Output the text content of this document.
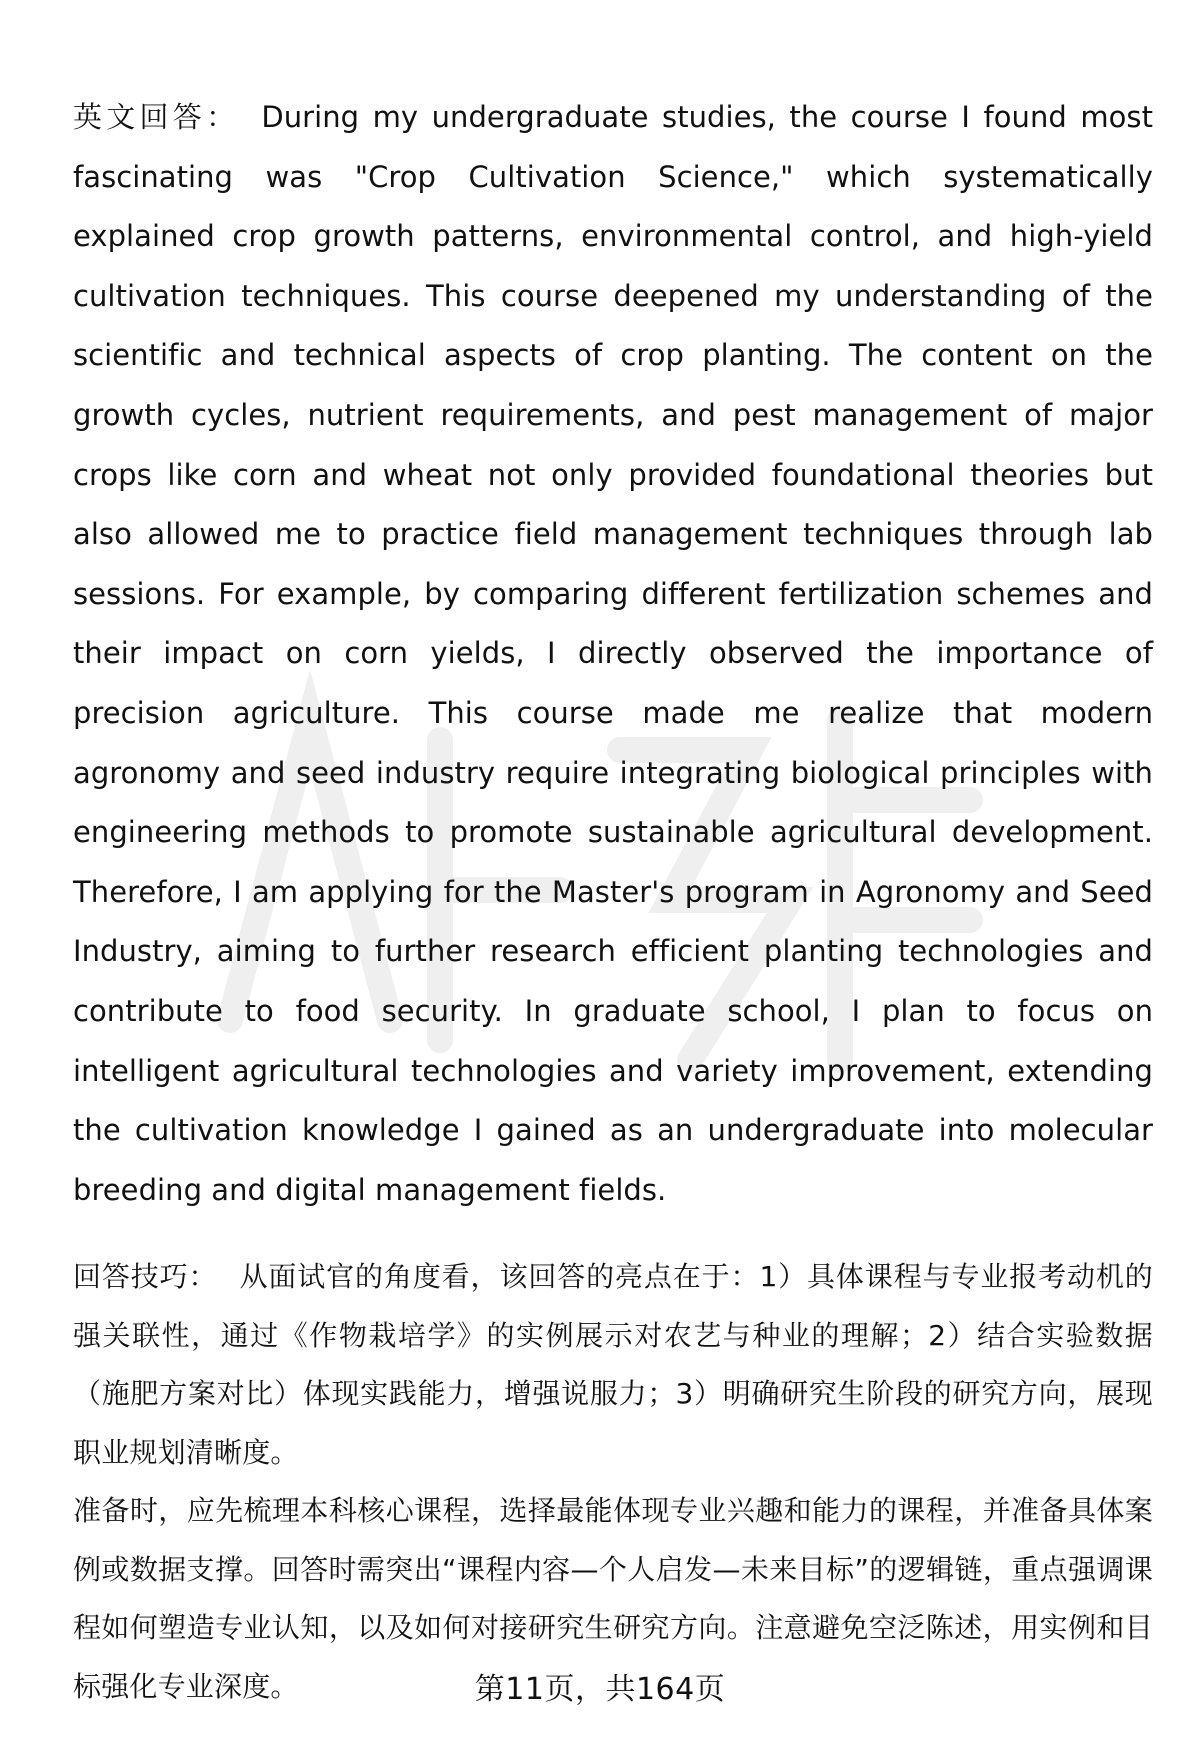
英文回答： During my undergraduate studies, the course I found most fascinating was "Crop Cultivation Science," which systematically explained crop growth patterns, environmental control, and high-yield cultivation techniques. This course deepened my understanding of the scientific and technical aspects of crop planting. The content on the growth cycles, nutrient requirements, and pest management of major crops like corn and wheat not only provided foundational theories but also allowed me to practice field management techniques through lab sessions. For example, by comparing different fertilization schemes and their impact on corn yields, I directly observed the importance of precision agriculture. This course made me realize that modern agronomy and seed industry require integrating biological principles with engineering methods to promote sustainable agricultural development. Therefore, I am applying for the Master's program in Agronomy and Seed Industry, aiming to further research efficient planting technologies and contribute to food security. In graduate school, I plan to focus on intelligent agricultural technologies and variety improvement, extending the cultivation knowledge I gained as an undergraduate into molecular breeding and digital management fields.

回答技巧： 从面试官的角度看，该回答的亮点在于：1）具体课程与专业报考动机的强关联性，通过《作物栽培学》的实例展示对农艺与种业的理解；2）结合实验数据（施肥方案对比）体现实践能力，增强说服力；3）明确研究生阶段的研究方向，展现职业规划清晰度。

准备时，应先梳理本科核心课程，选择最能体现专业兴趣和能力的课程，并准备具体案例或数据支撑。回答时需突出“课程内容—个人启发—未来目标”的逻辑链，重点强调课程如何塑造专业认知，以及如何对接研究生研究方向。注意避免空泛陈述，用实例和目标强化专业深度。	第11页，共164页
